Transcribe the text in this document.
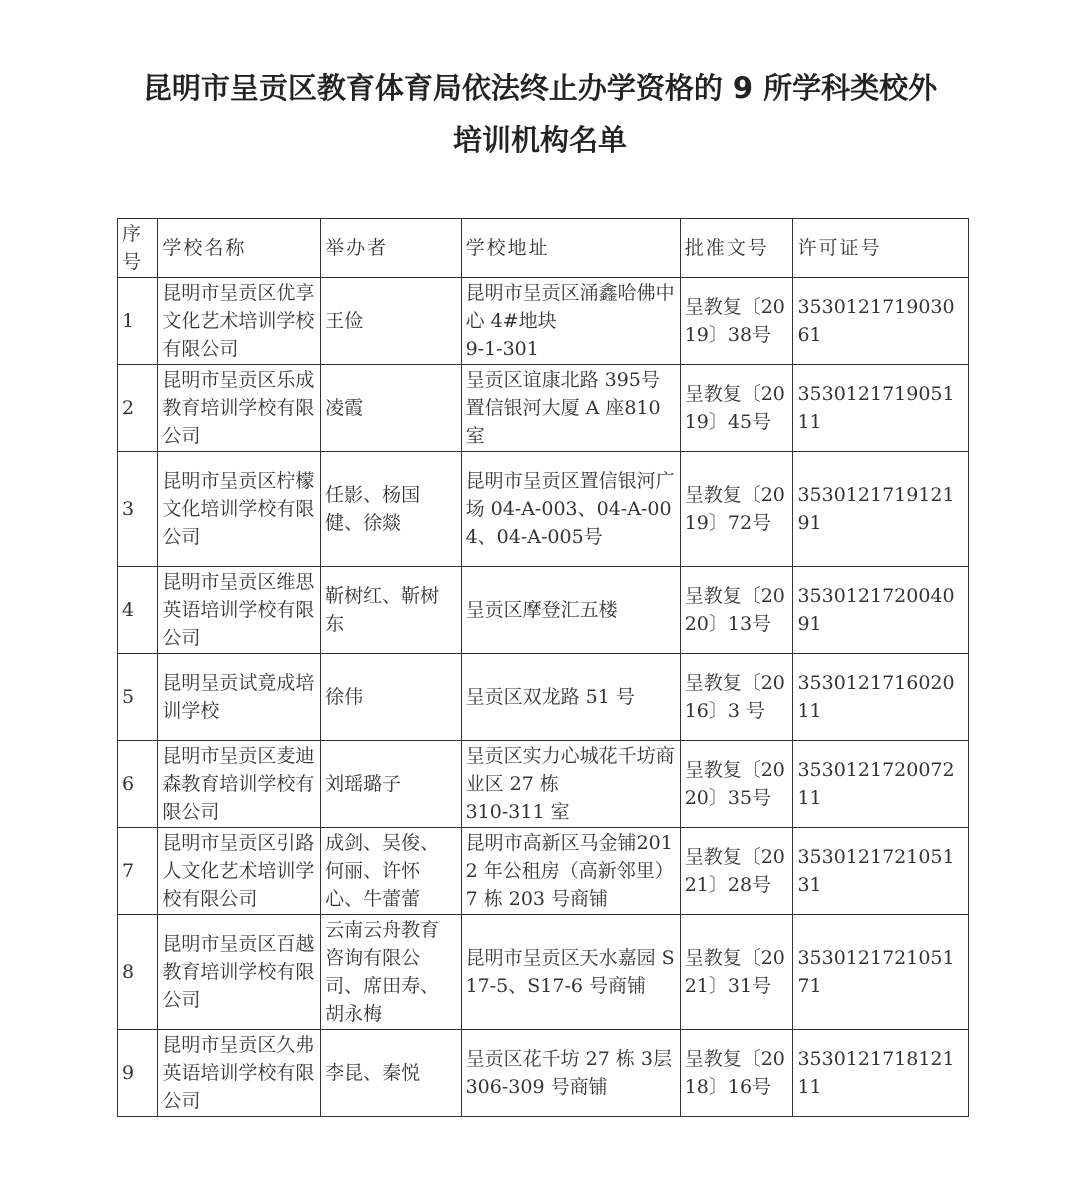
昆明市呈贡区教育体育局依法终止办学资格的 9 所学科类校外
培训机构名单
序
号	学校名称	举办者	学校地址	批准文号	许可证号
1	昆明市呈贡区优享文化艺术培训学校有限公司	王俭	昆明市呈贡区涌鑫哈佛中心 4#地块
9-1-301	呈教复〔2019〕38号	353012171903061
2	昆明市呈贡区乐成教育培训学校有限公司	凌霞	呈贡区谊康北路 395号置信银河大厦 A 座810 室	呈教复〔2019〕45号	353012171905111
3	昆明市呈贡区柠檬文化培训学校有限公司	任影、杨国健、徐燚	昆明市呈贡区置信银河广场 04-A-003、04-A-004、04-A-005号	呈教复〔2019〕72号	353012171912191
4	昆明市呈贡区维思英语培训学校有限公司	靳树红、靳树东	呈贡区摩登汇五楼	呈教复〔2020〕13号	353012172004091
5	昆明呈贡试竟成培训学校	徐伟	呈贡区双龙路 51 号	呈教复〔2016〕3 号	353012171602011
6	昆明市呈贡区麦迪森教育培训学校有限公司	刘瑶璐子	呈贡区实力心城花千坊商业区 27 栋
310-311 室	呈教复〔2020〕35号	353012172007211
7	昆明市呈贡区引路人文化艺术培训学校有限公司	成剑、吴俊、何丽、许怀心、牛蕾蕾	昆明市高新区马金铺2012 年公租房（高新邻里）7 栋 203 号商铺	呈教复〔2021〕28号	353012172105131
8	昆明市呈贡区百越教育培训学校有限公司	云南云舟教育咨询有限公司、席田寿、胡永梅	昆明市呈贡区天水嘉园 S17-5、S17-6 号商铺	呈教复〔2021〕31号	353012172105171
9	昆明市呈贡区久弗英语培训学校有限公司	李昆、秦悦	呈贡区花千坊 27 栋 3层 306-309 号商铺	呈教复〔2018〕16号	353012171812111
